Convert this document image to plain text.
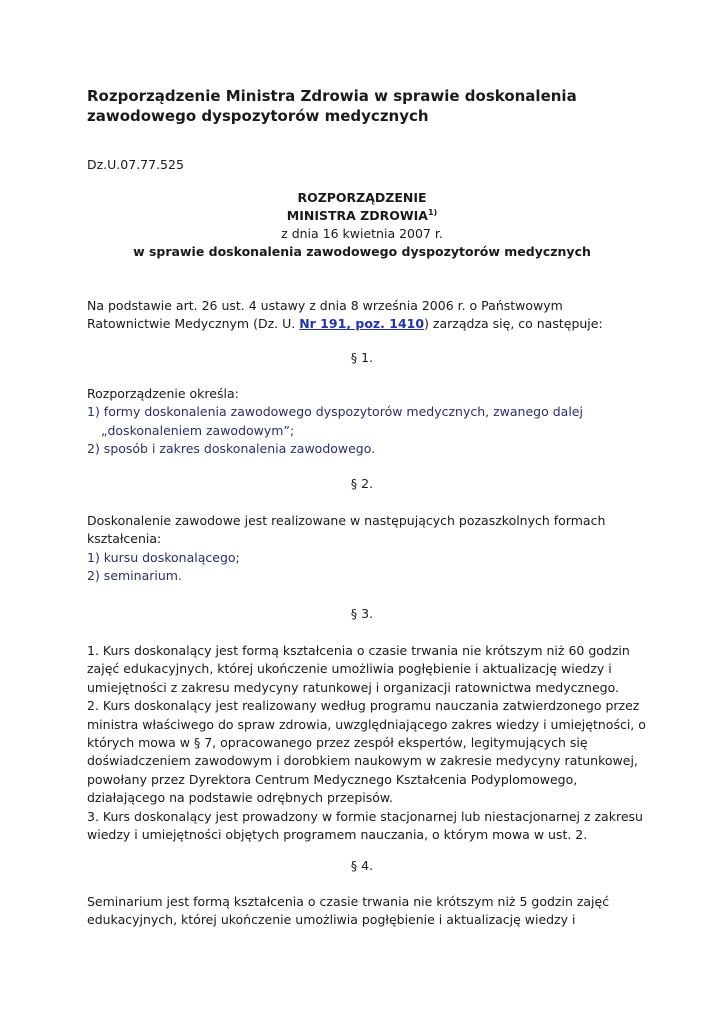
Rozporządzenie Ministra Zdrowia w sprawie doskonalenia
zawodowego dyspozytorów medycznych
Dz.U.07.77.525
ROZPORZĄDZENIE
MINISTRA ZDROWIA$^{1)}$
z dnia 16 kwietnia 2007 r.
w sprawie doskonalenia zawodowego dyspozytorów medycznych
Na podstawie art. 26 ust. 4 ustawy z dnia 8 września 2006 r. o Państwowym
Ratownictwie Medycznym (Dz. U. Nr 191, poz. 1410) zarządza się, co następuje:
§ 1.
Rozporządzenie określa:
1) formy doskonalenia zawodowego dyspozytorów medycznych, zwanego dalej
„doskonaleniem zawodowym”;
2) sposób i zakres doskonalenia zawodowego.
§ 2.
Doskonalenie zawodowe jest realizowane w następujących pozaszkolnych formach
kształcenia:
1) kursu doskonalącego;
2) seminarium.
§ 3.
1. Kurs doskonalący jest formą kształcenia o czasie trwania nie krótszym niż 60 godzin
zajęć edukacyjnych, której ukończenie umożliwia pogłębienie i aktualizację wiedzy i
umiejętności z zakresu medycyny ratunkowej i organizacji ratownictwa medycznego.
2. Kurs doskonalący jest realizowany według programu nauczania zatwierdzonego przez
ministra właściwego do spraw zdrowia, uwzględniającego zakres wiedzy i umiejętności, o
których mowa w § 7, opracowanego przez zespół ekspertów, legitymujących się
doświadczeniem zawodowym i dorobkiem naukowym w zakresie medycyny ratunkowej,
powołany przez Dyrektora Centrum Medycznego Kształcenia Podyplomowego,
działającego na podstawie odrębnych przepisów.
3. Kurs doskonalący jest prowadzony w formie stacjonarnej lub niestacjonarnej z zakresu
wiedzy i umiejętności objętych programem nauczania, o którym mowa w ust. 2.
§ 4.
Seminarium jest formą kształcenia o czasie trwania nie krótszym niż 5 godzin zajęć
edukacyjnych, której ukończenie umożliwia pogłębienie i aktualizację wiedzy i
